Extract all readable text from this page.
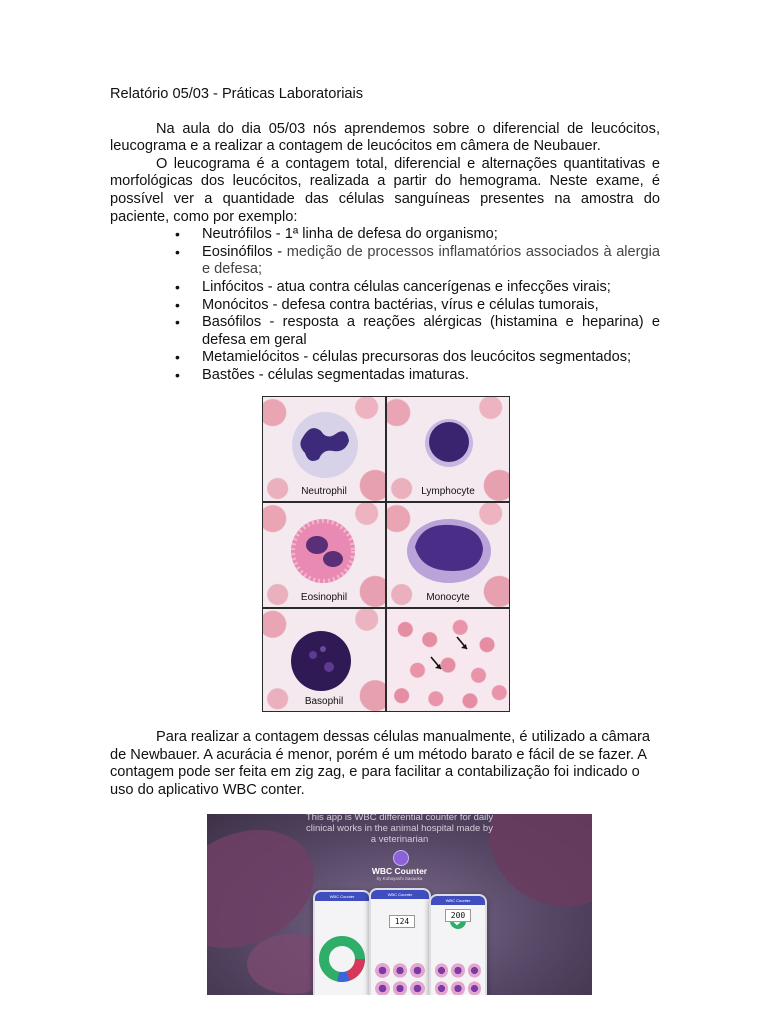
Relatório 05/03 - Práticas Laboratoriais

Na aula do dia 05/03 nós aprendemos sobre o diferencial de leucócitos, leucograma e a realizar a contagem de leucócitos em câmera de Neubauer.

O leucograma é a contagem total, diferencial e alternações quantitativas e morfológicas dos leucócitos, realizada a partir do hemograma. Neste exame, é possível ver a quantidade das células sanguíneas presentes na amostra do paciente, como por exemplo:

• Neutrófilos - 1ª linha de defesa do organismo;
• Eosinófilos - medição de processos inflamatórios associados à alergia e defesa;
• Linfócitos - atua contra células cancerígenas e infecções virais;
• Monócitos - defesa contra bactérias, vírus e células tumorais,
• Basófilos - resposta a reações alérgicas (histamina e heparina) e defesa em geral
• Metamielócitos - células precursoras dos leucócitos segmentados;
• Bastões - células segmentadas imaturas.
Neutrophil	Lymphocyte
Eosinophil	Monocyte
Basophil

Para realizar a contagem dessas células manualmente, é utilizado a câmara de Newbauer. A acurácia é menor, porém é um método barato e fácil de se fazer. A contagem pode ser feita em zig zag, e para facilitar a contabilização foi indicado o uso do aplicativo WBC conter.

This app is WBC differential counter for daily
clinical works in the animal hospital made by
a veterinarian
WBC Counter
by Kobayashi Sasaoka
WBC Counter	WBC Counter
124
WBC Counter
200
